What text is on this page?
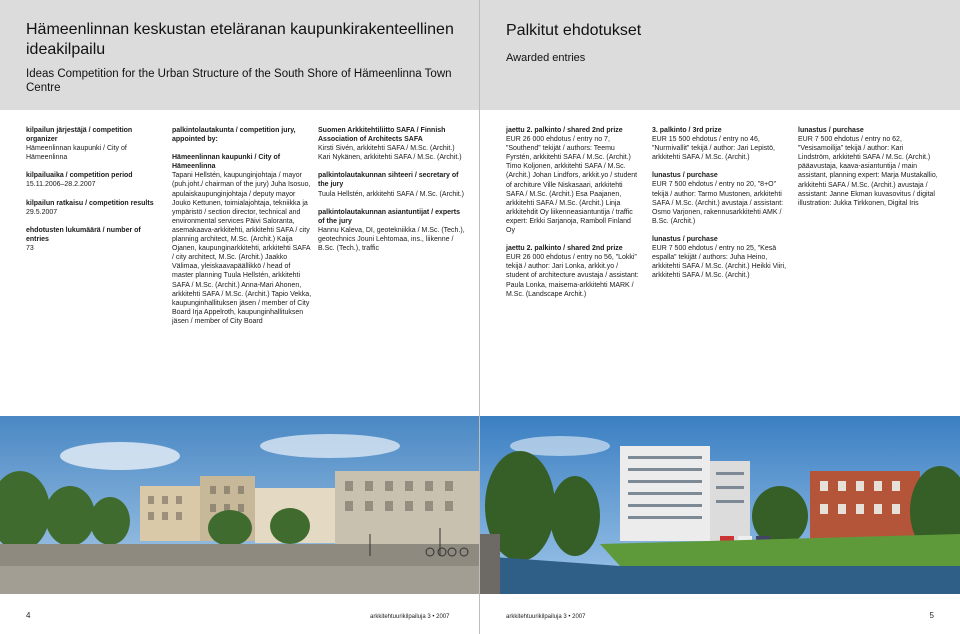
Hämeenlinnan keskustan eteläranan kaupunkirakenteellinen ideakilpailu
Ideas Competition for the Urban Structure of the South Shore of Hämeenlinna Town Centre
kilpailun järjestäjä / competition organizer
Hämeenlinnan kaupunki / City of Hämeenlinna
kilpailuaika / competition period
15.11.2006–28.2.2007
kilpailun ratkaisu / competition results
29.5.2007
ehdotusten lukumäärä / number of entries
73
palkintolautakunta / competition jury, appointed by:
Hämeenlinnan kaupunki / City of Hämeenlinna
Tapani Hellstén, kaupunginjohtaja / mayor (puh.joht./ chairman of the jury) Juha Isosuo, apulaiskaupunginjohtaja / deputy mayor Jouko Kettunen, toimialajohtaja, tekniikka ja ympäristö / section director, technical and environmental services Päivi Saloranta, asemakaava-arkkitehti, arkkitehti SAFA / city planning architect, M.Sc. (Archit.) Kaija Ojanen, kaupunginarkkitehti, arkkitehti SAFA / city architect, M.Sc. (Archit.) Jaakko Välimaa, yleiskaavapäällikkö / head of master planning Tuula Hellstén, arkkitehti SAFA / M.Sc. (Archit.) Anna-Mari Ahonen, arkkitehti SAFA / M.Sc. (Archit.) Tapio Vekka, kaupunginhallituksen jäsen / member of City Board Irja Appelroth, kaupunginhallituksen jäsen / member of City Board
Suomen Arkkitehtiliitto SAFA / Finnish Association of Architects SAFA
Kirsti Sivén, arkkitehti SAFA / M.Sc. (Archit.) Kari Nykänen, arkkitehti SAFA / M.Sc. (Archit.)
palkintolautakunnan sihteeri / secretary of the jury
Tuula Hellstén, arkkitehti SAFA / M.Sc. (Archit.)
palkintolautakunnan asiantuntijat / experts of the jury
Hannu Kaleva, DI, geotekniikka / M.Sc. (Tech.), geotechnics Jouni Lehtomaa, ins., liikenne / B.Sc. (Tech.), traffic
4	arkkitehtuurikilpailuja 3 • 2007
Palkitut ehdotukset
Awarded entries
jaettu 2. palkinto / shared 2nd prize
EUR 26 000 ehdotus / entry no 7, ”Southend” tekijät / authors: Teemu Fyrstén, arkkitehti SAFA / M.Sc. (Archit.) Timo Koljonen, arkkitehti SAFA / M.Sc. (Archit.) Johan Lindfors, arkkit.yo / student of architure Ville Niskasaari, arkkitehti SAFA / M.Sc. (Archit.) Esa Paajanen, arkkitehti SAFA / M.Sc. (Archit.) Linja arkkitehdit Oy liikenneasiantuntija / traffic expert: Erkki Sarjanoja, Ramboll Finland Oy
jaettu 2. palkinto / shared 2nd prize
EUR 26 000 ehdotus / entry no 56, ”Lokki” tekijä / author: Jari Lonka, arkkit.yo / student of architecture avustaja / assistant: Paula Lonka, maisema-arkkitehti MARK / M.Sc. (Landscape Archit.)
3. palkinto / 3rd prize
EUR 15 500 ehdotus / entry no 46, ”Nurmivallit” tekijä / author: Jari Lepistö, arkkitehti SAFA / M.Sc. (Archit.)
lunastus / purchase
EUR 7 500 ehdotus / entry no 20, ”8+O” tekijä / author: Tarmo Mustonen, arkkitehti SAFA / M.Sc. (Archit.) avustaja / assistant: Osmo Varjonen, rakennusarkkitehti AMK / B.Sc. (Archit.)
lunastus / purchase
EUR 7 500 ehdotus / entry no 25, ”Kesä espalla” tekijät / authors: Juha Heino, arkkitehti SAFA / M.Sc. (Archit.) Heikki Viiri, arkkitehti SAFA / M.Sc. (Archit.)
lunastus / purchase
EUR 7 500 ehdotus / entry no 62, ”Vesisamoilija” tekijä / author: Kari Lindström, arkkitehti SAFA / M.Sc. (Archit.) pääavustaja, kaava-asiantuntija / main assistant, planning expert: Marja Mustakallio, arkkitehti SAFA / M.Sc. (Archit.) avustaja / assistant: Janne Ekman kuvasovitus / digital illustration: Jukka Tirkkonen, Digital Iris
arkkitehtuurikilpailuja 3 • 2007	5
